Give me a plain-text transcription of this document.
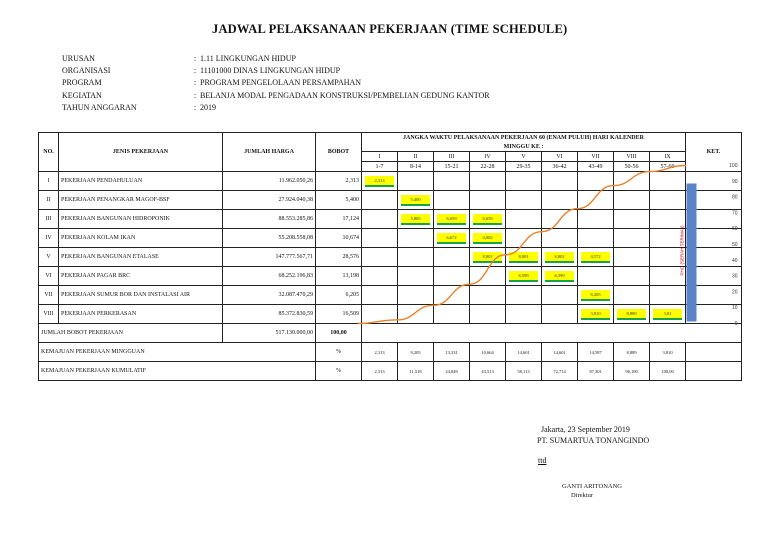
JADWAL PELAKSANAAN PEKERJAAN (TIME SCHEDULE)
URUSAN	: 1.11 LINGKUNGAN HIDUP
ORGANISASI	: 11101000 DINAS LINGKUNGAN HIDUP
PROGRAM	: PROGRAM PENGELOLAAN PERSAMPAHAN
KEGIATAN	: BELANJA MODAL PENGADAAN KONSTRUKSI/PEMBELIAN GEDUNG KANTOR
TAHUN ANGGARAN	: 2019
NO.	JENIS PEKERJAAN	JUMLAH HARGA	BOBOT	JANGKA WAKTU PELAKSANAAN PEKERJAAN 60 (ENAM PULUH) HARI KALENDER									KET.
				MINGGU KE :									
				I	II	III	IV	V	VI	VII	VIII	IX	
				1-7	8-14	15-21	22-28	29-35	36-42	43-49	50-56	57-60	
I	PEKERJAAN PENDAHULUAN	11.962.050,26	2,313	2,313									

II	PEKERJAAN PENANGKAR MAGOF-BSF	27.924.040,38	5,400		5,400								

III	PEKERJAAN BANGUNAN HIDROPONIK	88.553.285,86	17,124		5,805	6,659	6,659						

IV	PEKERJAAN KOLAM IKAN	55.208.558,08	10,674			6,672	4,002						

V	PEKERJAAN BANGUNAN ETALASE	147.777.567,71	28,576				8,001	8,001	8,001	4,572			

VI	PEKERJAAN PAGAR BRC	68.252.196,83	13,198					6,599	6,599				

VII	PEKERJAAN SUMUR BOR DAN INSTALASI AIR	32.087.470,29	6,205							6,205			

VIII	PEKERJAAN PERKERASAN	85.372.830,59	16,509							3,810	8,889	3,81	

JUMLAH BOBOT PEKERJAAN		517.130.000,00	100,00										
KEMAJUAN PEKERJAAN MINGGUAN			%	2,313	9,205	13,331	10,664	14,601	14,601	14,587	8,889	3,810	
KEMAJUAN PEKERJAAN KUMULATIF			%	2,313	11,518	24,849	43,513	58,113	72,714	87,301	96,190	100,00	
PHO (SERAH TERIMA I)
0
10
20
30
40
50
60
70
80
90
100
Jakarta, 23 September 2019
PT. SUMARTUA TONANGINDO
ttd
GANTI ARITONANG
Direktur
